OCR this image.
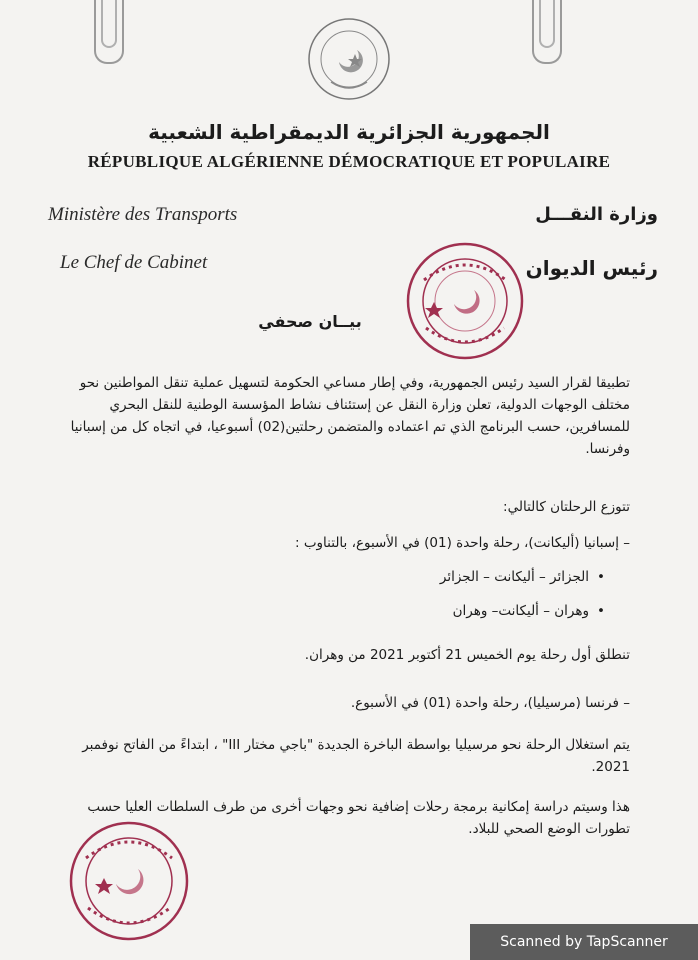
الجمهورية الجزائرية الديمقراطية الشعبية
RÉPUBLIQUE ALGÉRIENNE DÉMOCRATIQUE ET POPULAIRE
Ministère des Transports	وزارة النقـــل
Le Chef de Cabinet	رئيس الديوان
بيــان صحفي
تطبيقا لقرار السيد رئيس الجمهورية، وفي إطار مساعي الحكومة لتسهيل عملية تنقل المواطنين نحو مختلف الوجهات الدولية، تعلن وزارة النقل عن إستئناف نشاط المؤسسة الوطنية للنقل البحري للمسافرين، حسب البرنامج الذي تم اعتماده والمتضمن رحلتين(02) أسبوعيا، في اتجاه كل من إسبانيا وفرنسا.
تتوزع الرحلتان كالتالي:
– إسبانيا (أليكانت)، رحلة واحدة (01) في الأسبوع، بالتناوب :
• الجزائر – أليكانت – الجزائر
• وهران – أليكانت– وهران
تنطلق أول رحلة يوم الخميس 21 أكتوبر 2021 من وهران.
– فرنسا (مرسيليا)، رحلة واحدة (01) في الأسبوع.
يتم استغلال الرحلة نحو مرسيليا بواسطة الباخرة الجديدة "باجي مختار III" ، ابتداءً من الفاتح نوفمبر 2021.
هذا وسيتم دراسة إمكانية برمجة رحلات إضافية نحو وجهات أخرى من طرف السلطات العليا حسب تطورات الوضع الصحي للبلاد.
Scanned by TapScanner
